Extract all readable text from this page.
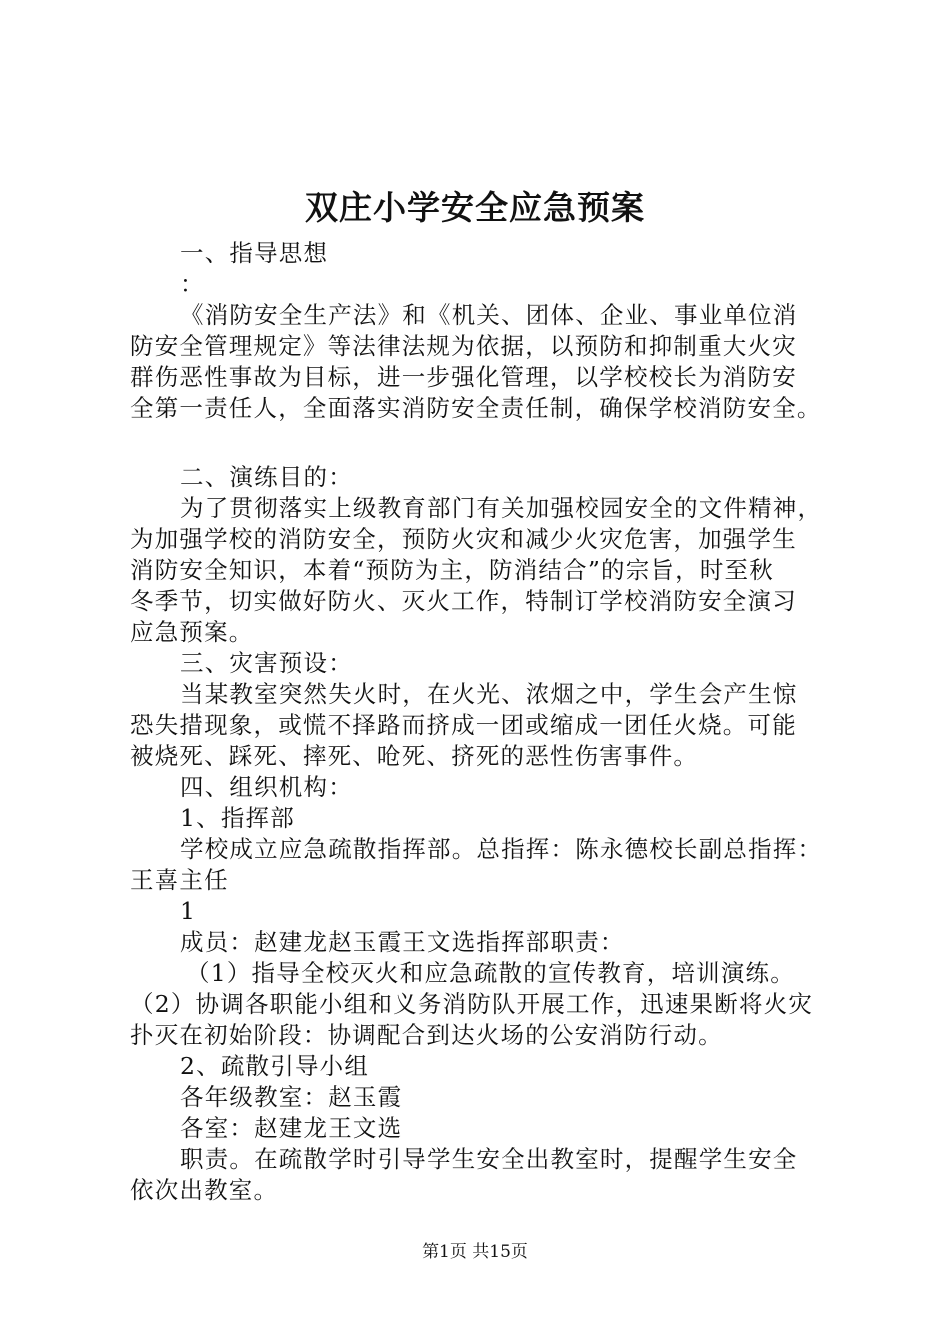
双庄小学安全应急预案
一、指导思想
：
《消防安全生产法》和《机关、团体、企业、事业单位消
防安全管理规定》等法律法规为依据，以预防和抑制重大火灾
群伤恶性事故为目标，进一步强化管理，以学校校长为消防安
全第一责任人，全面落实消防安全责任制，确保学校消防安全。
二、演练目的：
为了贯彻落实上级教育部门有关加强校园安全的文件精神，
为加强学校的消防安全，预防火灾和减少火灾危害，加强学生
消防安全知识，本着“预防为主，防消结合”的宗旨，时至秋
冬季节，切实做好防火、灭火工作，特制订学校消防安全演习
应急预案。
三、灾害预设：
当某教室突然失火时，在火光、浓烟之中，学生会产生惊
恐失措现象，或慌不择路而挤成一团或缩成一团任火烧。可能
被烧死、踩死、摔死、呛死、挤死的恶性伤害事件。
四、组织机构：
1、指挥部
学校成立应急疏散指挥部。总指挥：陈永德校长副总指挥：
王喜主任
1
成员：赵建龙赵玉霞王文选指挥部职责：
（1）指导全校灭火和应急疏散的宣传教育，培训演练。
（2）协调各职能小组和义务消防队开展工作，迅速果断将火灾
扑灭在初始阶段：协调配合到达火场的公安消防行动。
2、疏散引导小组
各年级教室：赵玉霞
各室：赵建龙王文选
职责。在疏散学时引导学生安全出教室时，提醒学生安全
依次出教室。
第1页 共15页
